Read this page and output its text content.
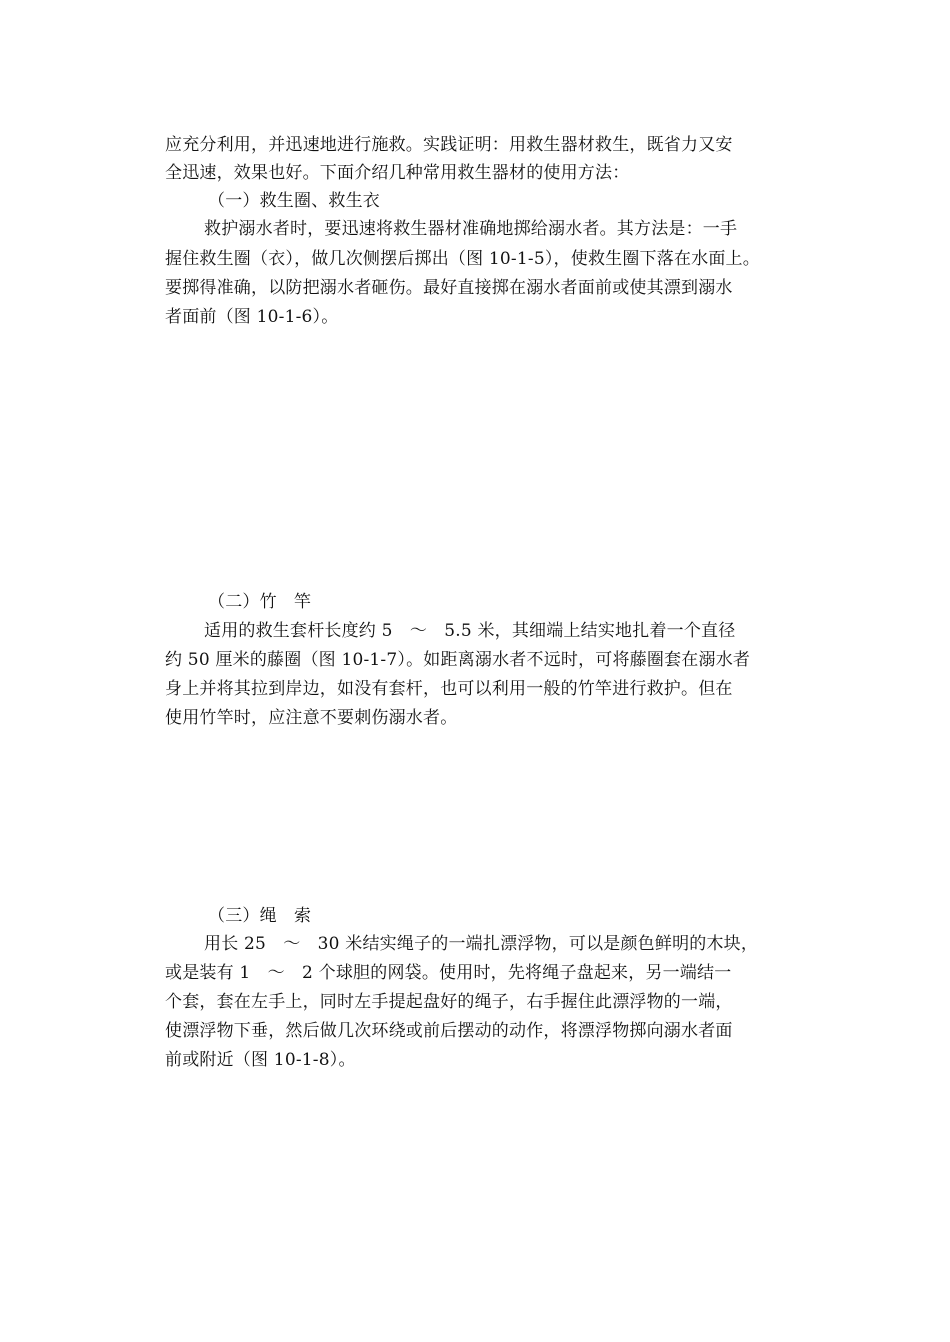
应充分利用，并迅速地进行施救。实践证明：用救生器材救生，既省力又安
全迅速，效果也好。下面介绍几种常用救生器材的使用方法：
（一）救生圈、救生衣
救护溺水者时，要迅速将救生器材准确地掷给溺水者。其方法是：一手
握住救生圈（衣），做几次侧摆后掷出（图 10-1-5），使救生圈下落在水面上。
要掷得准确，以防把溺水者砸伤。最好直接掷在溺水者面前或使其漂到溺水
者面前（图 10-1-6）。
（二）竹　竿
适用的救生套杆长度约 5　～　5.5 米，其细端上结实地扎着一个直径
约 50 厘米的藤圈（图 10-1-7）。如距离溺水者不远时，可将藤圈套在溺水者
身上并将其拉到岸边，如没有套杆，也可以利用一般的竹竿进行救护。但在
使用竹竿时，应注意不要刺伤溺水者。
（三）绳　索
用长 25　～　30 米结实绳子的一端扎漂浮物，可以是颜色鲜明的木块，
或是装有 1　～　2 个球胆的网袋。使用时，先将绳子盘起来，另一端结一
个套，套在左手上，同时左手提起盘好的绳子，右手握住此漂浮物的一端，
使漂浮物下垂，然后做几次环绕或前后摆动的动作，将漂浮物掷向溺水者面
前或附近（图 10-1-8）。
